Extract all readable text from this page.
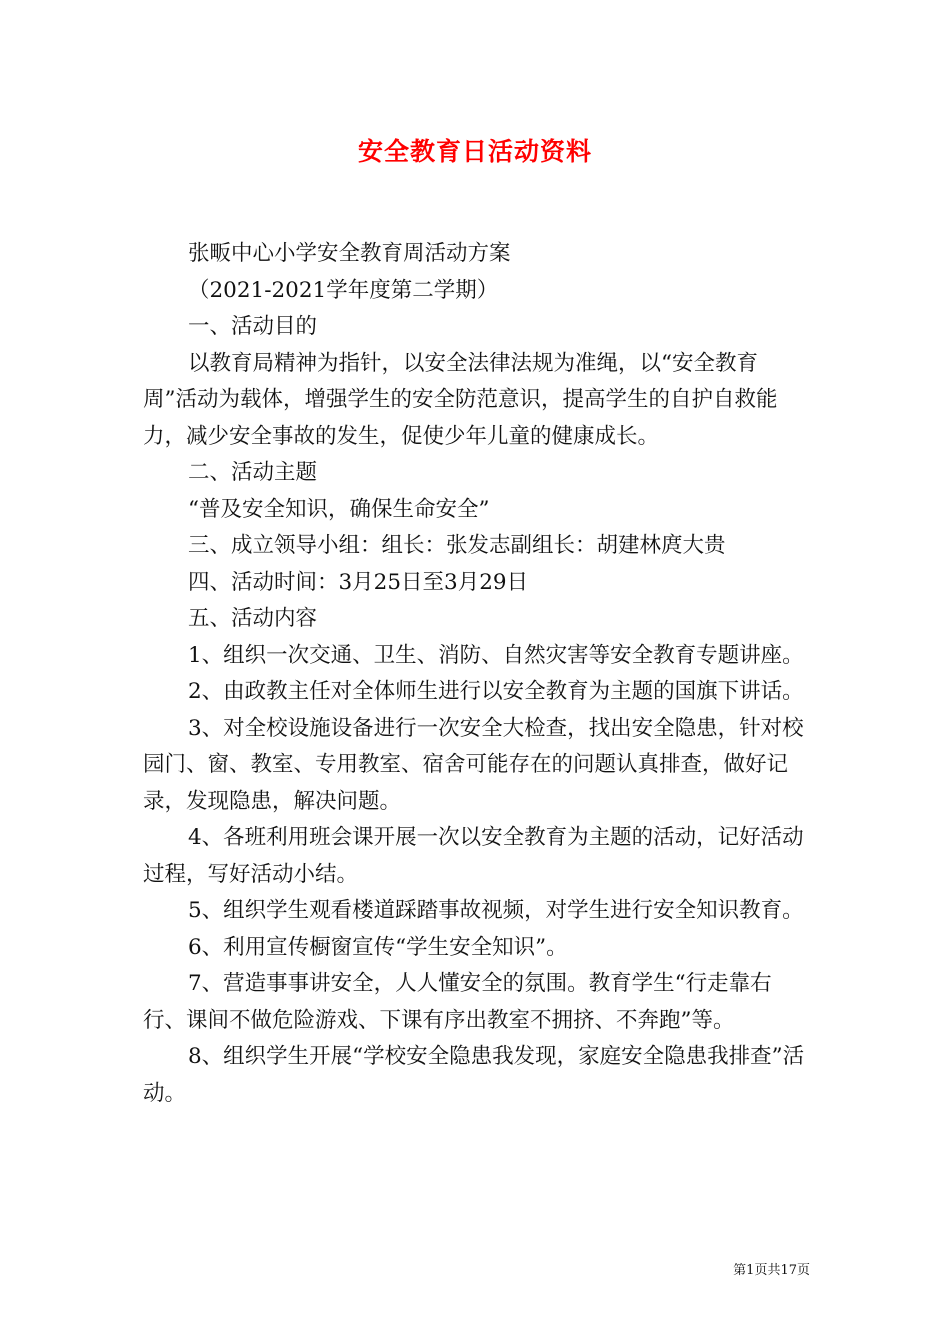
安全教育日活动资料

张畈中心小学安全教育周活动方案

（2021-2021学年度第二学期）

一、活动目的

以教育局精神为指针，以安全法律法规为准绳，以“安全教育周”活动为载体，增强学生的安全防范意识，提高学生的自护自救能力，减少安全事故的发生，促使少年儿童的健康成长。

二、活动主题

“普及安全知识，确保生命安全”

三、成立领导小组：组长：张发志副组长：胡建林庹大贵

四、活动时间：3月25日至3月29日

五、活动内容

1、组织一次交通、卫生、消防、自然灾害等安全教育专题讲座。

2、由政教主任对全体师生进行以安全教育为主题的国旗下讲话。

3、对全校设施设备进行一次安全大检查，找出安全隐患，针对校园门、窗、教室、专用教室、宿舍可能存在的问题认真排查，做好记录，发现隐患，解决问题。

4、各班利用班会课开展一次以安全教育为主题的活动，记好活动过程，写好活动小结。

5、组织学生观看楼道踩踏事故视频，对学生进行安全知识教育。

6、利用宣传橱窗宣传“学生安全知识”。

7、营造事事讲安全，人人懂安全的氛围。教育学生“行走靠右行、课间不做危险游戏、下课有序出教室不拥挤、不奔跑”等。

8、组织学生开展“学校安全隐患我发现，家庭安全隐患我排查”活动。

第1页共17页
